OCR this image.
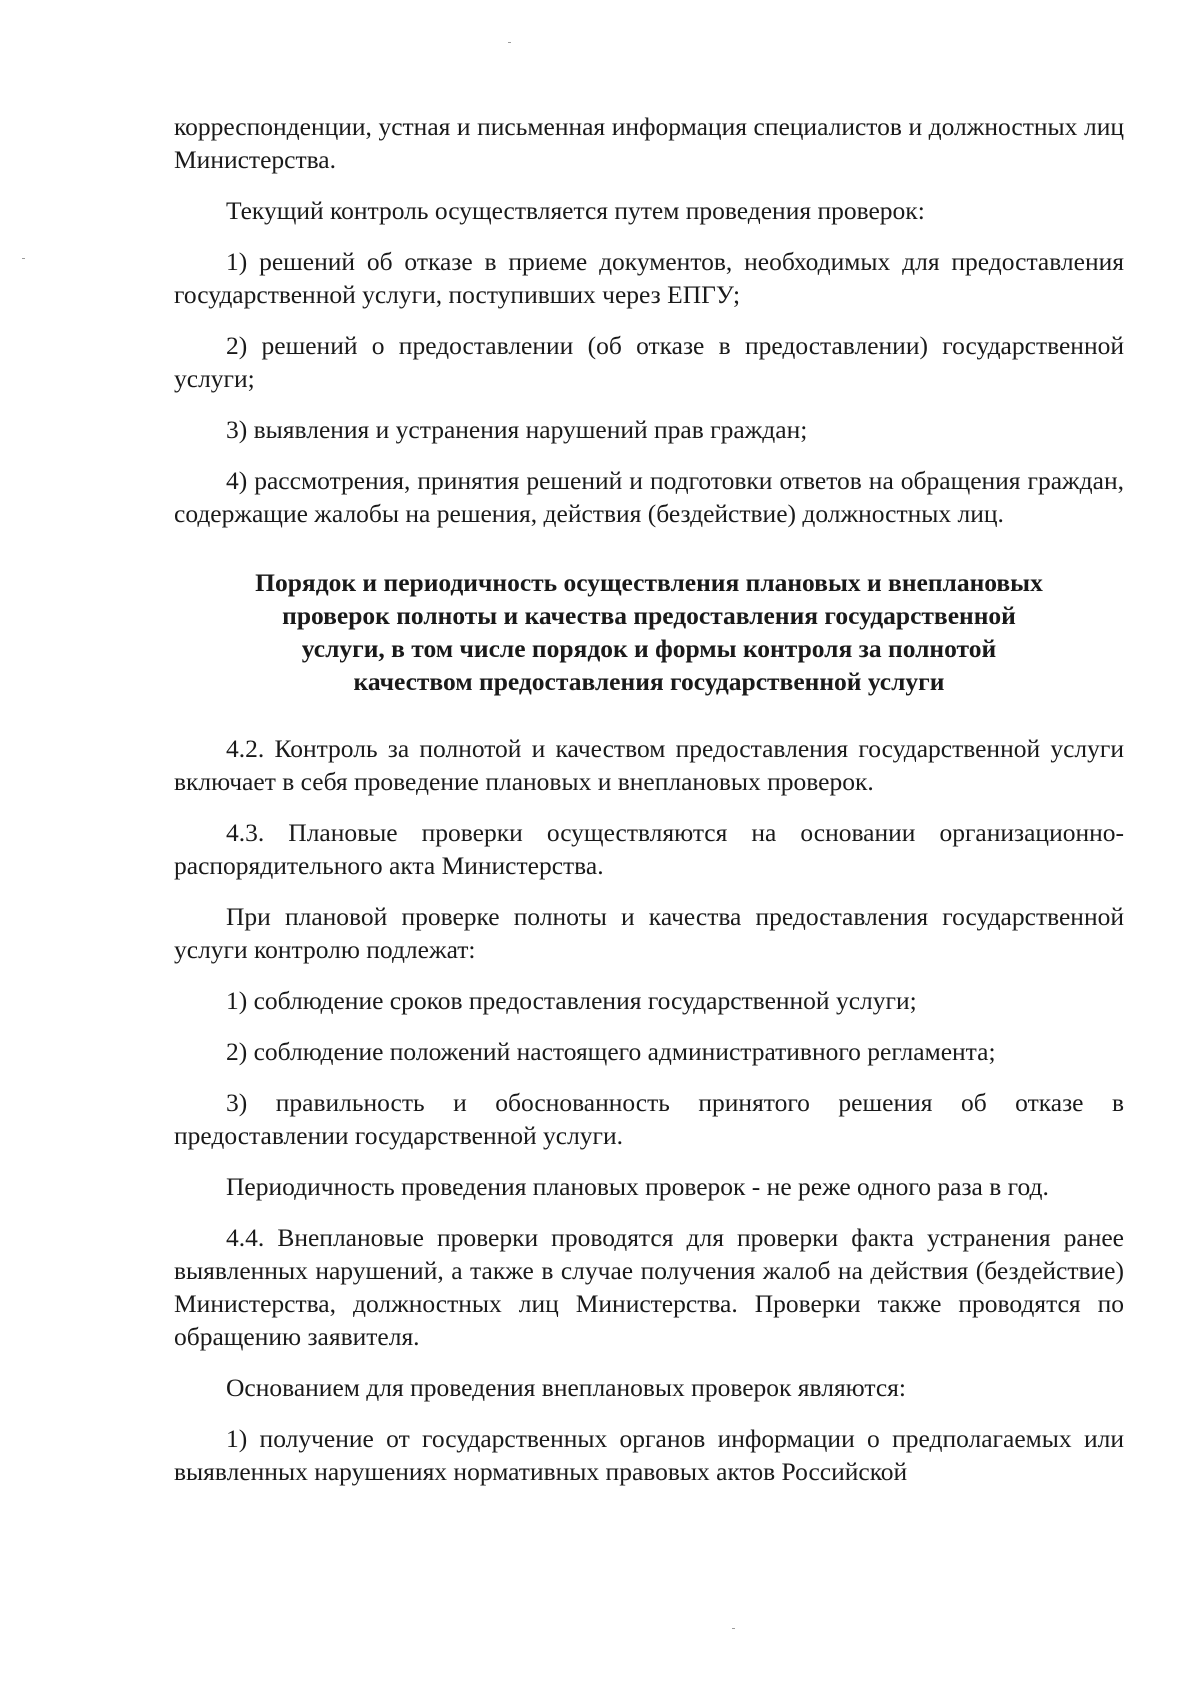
корреспонденции, устная и письменная информация специалистов и должностных лиц Министерства.

Текущий контроль осуществляется путем проведения проверок:

1) решений об отказе в приеме документов, необходимых для предоставления государственной услуги, поступивших через ЕПГУ;

2) решений о предоставлении (об отказе в предоставлении) государственной услуги;

3) выявления и устранения нарушений прав граждан;

4) рассмотрения, принятия решений и подготовки ответов на обращения граждан, содержащие жалобы на решения, действия (бездействие) должностных лиц.

Порядок и периодичность осуществления плановых и внеплановых
проверок полноты и качества предоставления государственной
услуги, в том числе порядок и формы контроля за полнотой
качеством предоставления государственной услуги

4.2. Контроль за полнотой и качеством предоставления государственной услуги включает в себя проведение плановых и внеплановых проверок.

4.3. Плановые проверки осуществляются на основании организационно-распорядительного акта Министерства.

При плановой проверке полноты и качества предоставления государственной услуги контролю подлежат:

1) соблюдение сроков предоставления государственной услуги;

2) соблюдение положений настоящего административного регламента;

3) правильность и обоснованность принятого решения об отказе в предоставлении государственной услуги.

Периодичность проведения плановых проверок - не реже одного раза в год.

4.4. Внеплановые проверки проводятся для проверки факта устранения ранее выявленных нарушений, а также в случае получения жалоб на действия (бездействие) Министерства, должностных лиц Министерства. Проверки также проводятся по обращению заявителя.

Основанием для проведения внеплановых проверок являются:

1) получение от государственных органов информации о предполагаемых или выявленных нарушениях нормативных правовых актов Российской
